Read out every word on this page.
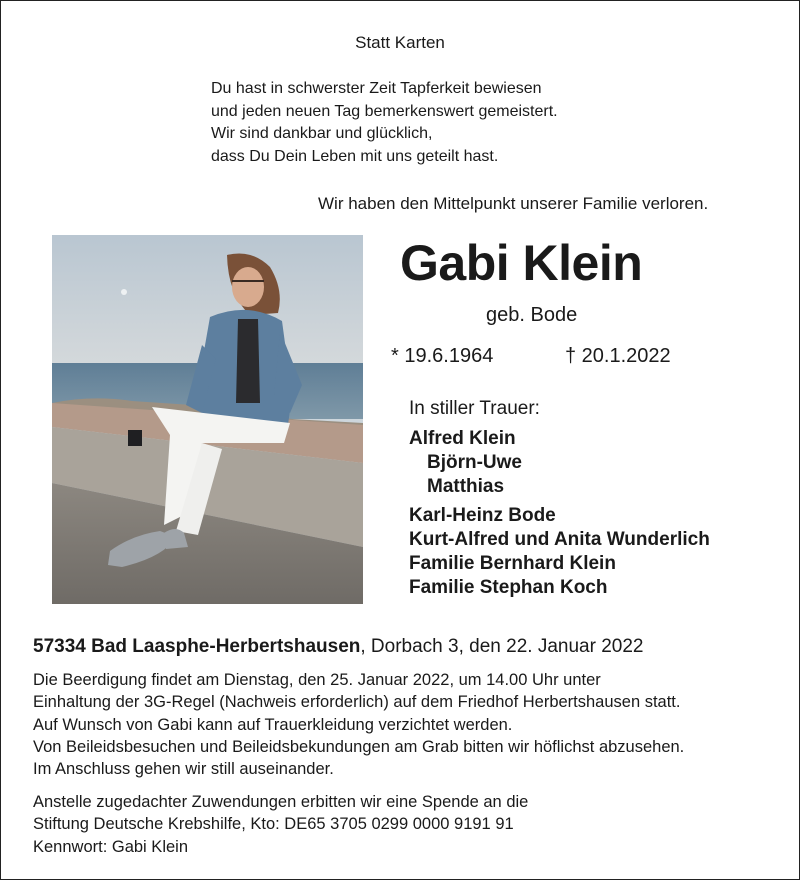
Statt Karten
Du hast in schwerster Zeit Tapferkeit bewiesen
und jeden neuen Tag bemerkenswert gemeistert.
Wir sind dankbar und glücklich,
dass Du Dein Leben mit uns geteilt hast.
Wir haben den Mittelpunkt unserer Familie verloren.
Gabi Klein
geb. Bode
* 19.6.1964	† 20.1.2022
In stiller Trauer:
Alfred Klein
Björn-Uwe
Matthias
Karl-Heinz Bode
Kurt-Alfred und Anita Wunderlich
Familie Bernhard Klein
Familie Stephan Koch
57334 Bad Laasphe-Herbertshausen, Dorbach 3, den 22. Januar 2022
Die Beerdigung findet am Dienstag, den 25. Januar 2022, um 14.00 Uhr unter
Einhaltung der 3G-Regel (Nachweis erforderlich) auf dem Friedhof Herbertshausen statt.
Auf Wunsch von Gabi kann auf Trauerkleidung verzichtet werden.
Von Beileidsbesuchen und Beileidsbekundungen am Grab bitten wir höflichst abzusehen.
Im Anschluss gehen wir still auseinander.
Anstelle zugedachter Zuwendungen erbitten wir eine Spende an die
Stiftung Deutsche Krebshilfe, Kto: DE65 3705 0299 0000 9191 91
Kennwort: Gabi Klein
